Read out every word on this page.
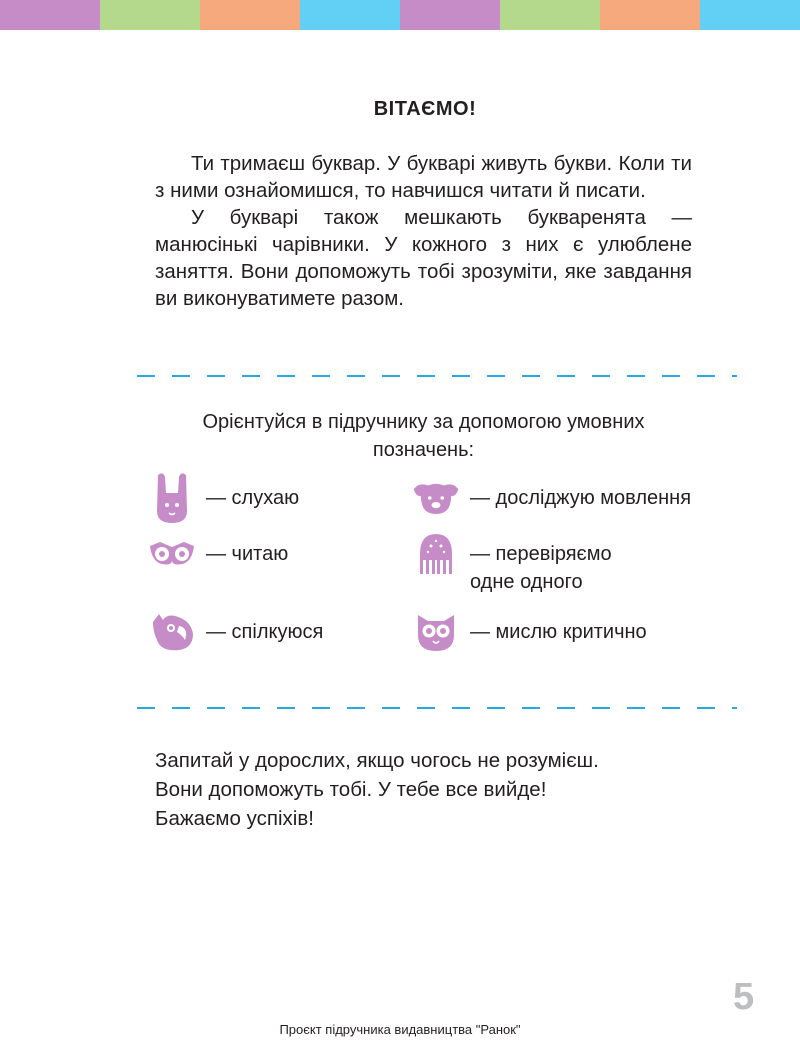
ВІТАЄМО!

Ти тримаєш буквар. У букварі живуть букви. Коли ти з ними ознайомишся, то навчишся читати й писати.

У букварі також мешкають букваренята — манюсінькі чарівники. У кожного з них є улюблене заняття. Вони допоможуть тобі зрозуміти, яке завдання ви виконуватимете разом.

Орієнтуйся в підручнику за допомогою умовних позначень:
— слухаю
— читаю
— спілкуюся
— досліджую мовлення
— перевіряємо
одне одного
— мислю критично

Запитай у дорослих, якщо чогось не розумієш.

Вони допоможуть тобі. У тебе все вийде!

Бажаємо успіхів!

5
Проєкт підручника видавництва "Ранок"
